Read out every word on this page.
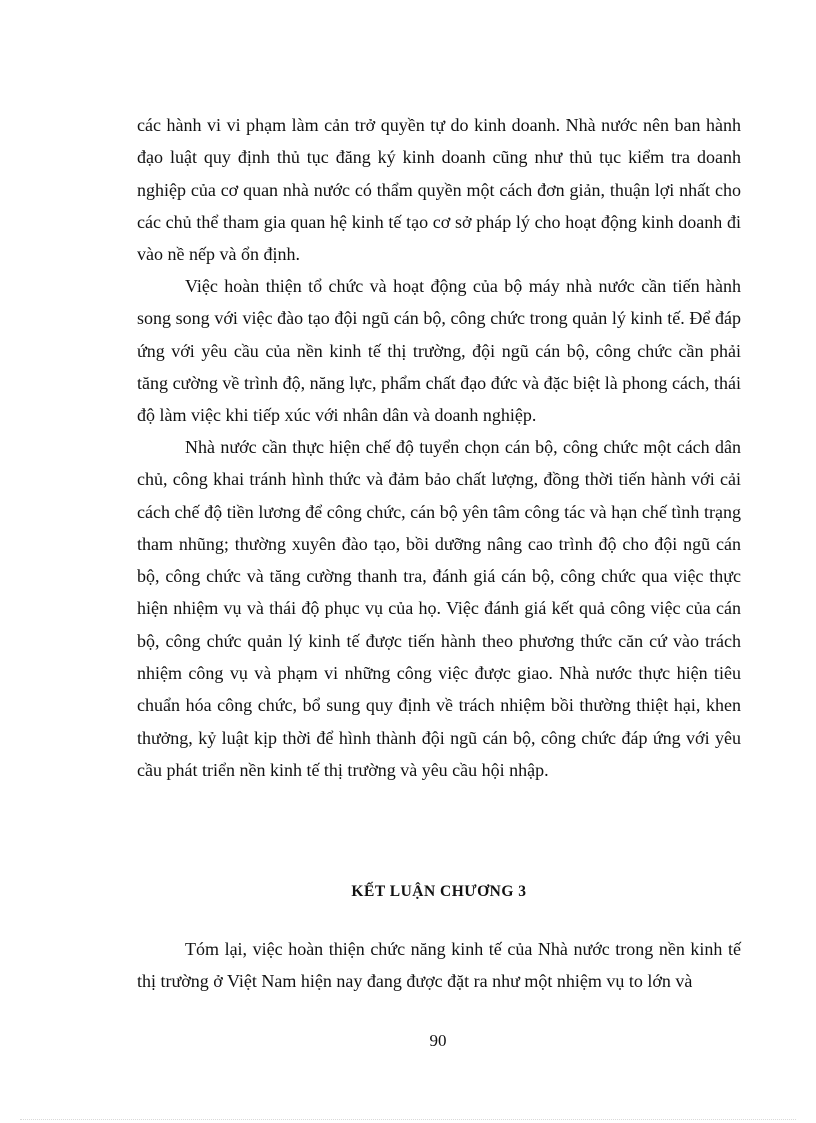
các hành vi vi phạm làm cản trở quyền tự do kinh doanh. Nhà nước nên ban hành đạo luật quy định thủ tục đăng ký kinh doanh cũng như thủ tục kiểm tra doanh nghiệp của cơ quan nhà nước có thẩm quyền một cách đơn giản, thuận lợi nhất cho các chủ thể tham gia quan hệ kinh tế tạo cơ sở pháp lý cho hoạt động kinh doanh đi vào nề nếp và ổn định.

Việc hoàn thiện tổ chức và hoạt động của bộ máy nhà nước cần tiến hành song song với việc đào tạo đội ngũ cán bộ, công chức trong quản lý kinh tế. Để đáp ứng với yêu cầu của nền kinh tế thị trường, đội ngũ cán bộ, công chức cần phải tăng cường về trình độ, năng lực, phẩm chất đạo đức và đặc biệt là phong cách, thái độ làm việc khi tiếp xúc với nhân dân và doanh nghiệp.

Nhà nước cần thực hiện chế độ tuyển chọn cán bộ, công chức một cách dân chủ, công khai tránh hình thức và đảm bảo chất lượng, đồng thời tiến hành với cải cách chế độ tiền lương để công chức, cán bộ yên tâm công tác và hạn chế tình trạng tham nhũng; thường xuyên đào tạo, bồi dưỡng nâng cao trình độ cho đội ngũ cán bộ, công chức và tăng cường thanh tra, đánh giá cán bộ, công chức qua việc thực hiện nhiệm vụ và thái độ phục vụ của họ. Việc đánh giá kết quả công việc của cán bộ, công chức quản lý kinh tế được tiến hành theo phương thức căn cứ vào trách nhiệm công vụ và phạm vi những công việc được giao. Nhà nước thực hiện tiêu chuẩn hóa công chức, bổ sung quy định về trách nhiệm bồi thường thiệt hại, khen thưởng, kỷ luật kịp thời để hình thành đội ngũ cán bộ, công chức đáp ứng với yêu cầu phát triển nền kinh tế thị trường và yêu cầu hội nhập.

KẾT LUẬN CHƯƠNG 3

Tóm lại, việc hoàn thiện chức năng kinh tế của Nhà nước trong nền kinh tế thị trường ở Việt Nam hiện nay đang được đặt ra như một nhiệm vụ to lớn và

90
